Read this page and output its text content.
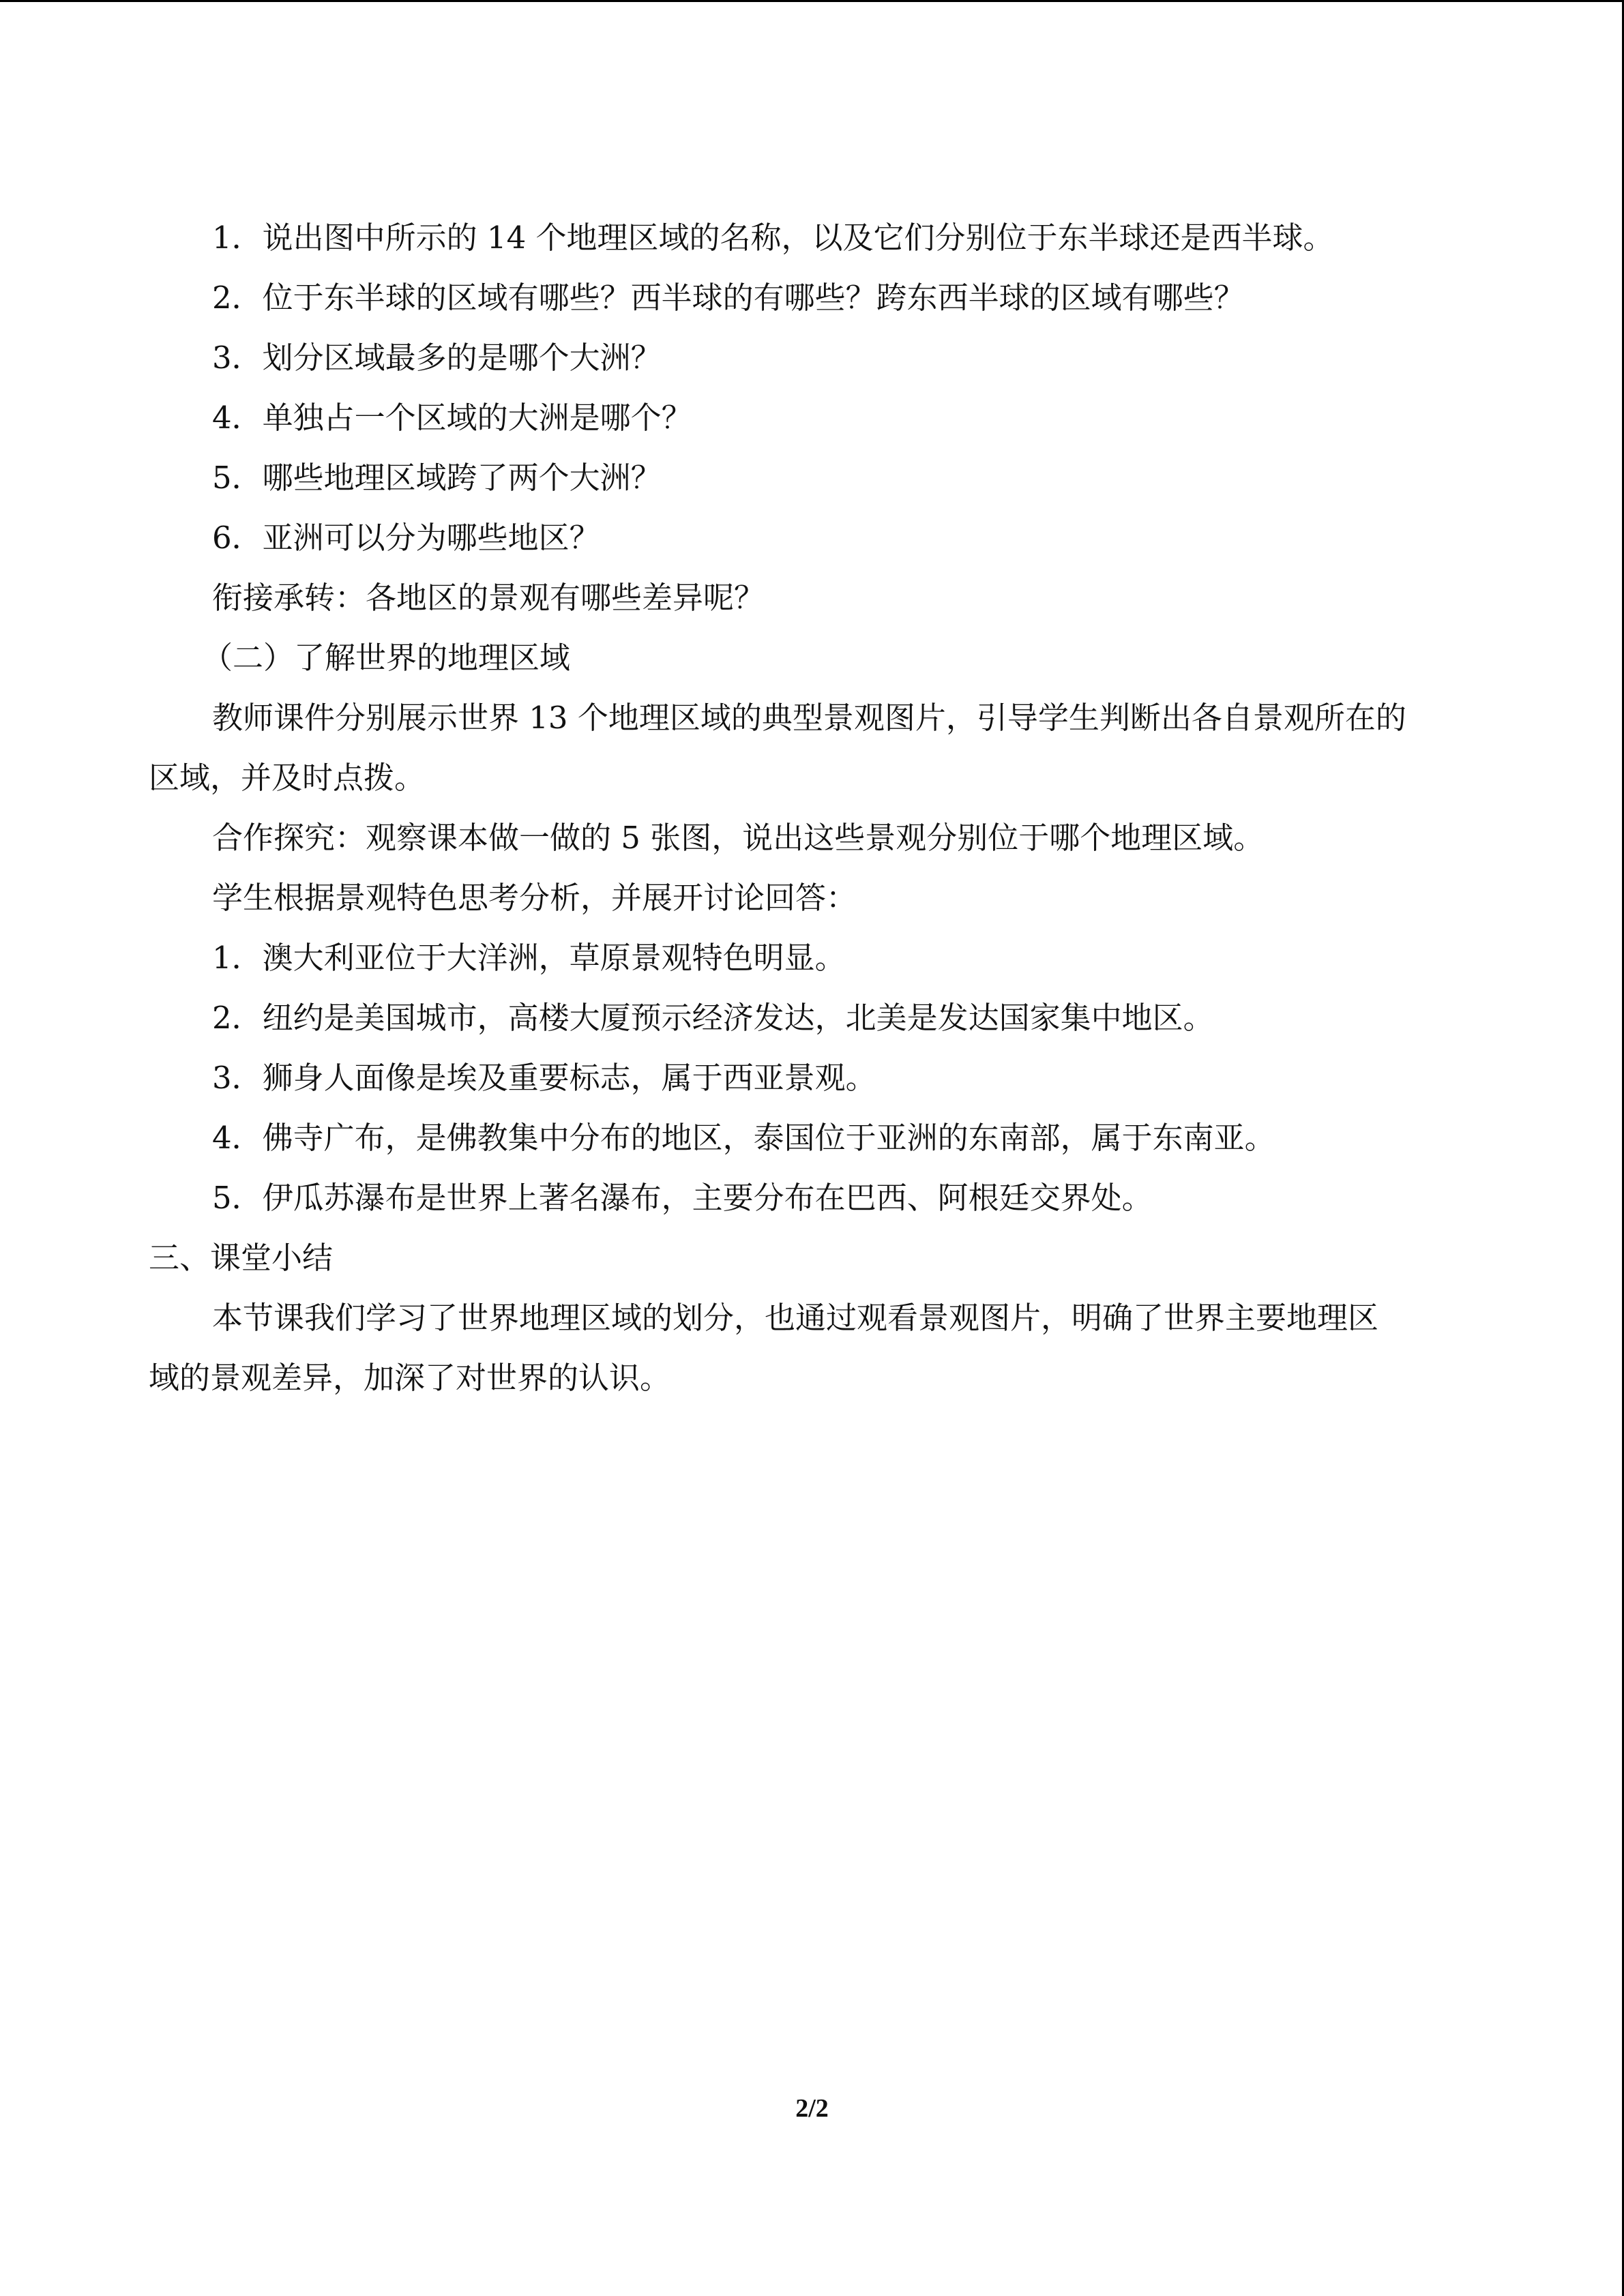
1．说出图中所示的 14 个地理区域的名称，以及它们分别位于东半球还是西半球。
2．位于东半球的区域有哪些？西半球的有哪些？跨东西半球的区域有哪些？
3．划分区域最多的是哪个大洲？
4．单独占一个区域的大洲是哪个？
5．哪些地理区域跨了两个大洲？
6．亚洲可以分为哪些地区？
衔接承转：各地区的景观有哪些差异呢？
（二）了解世界的地理区域
教师课件分别展示世界 13 个地理区域的典型景观图片，引导学生判断出各自景观所在的
区域，并及时点拨。
合作探究：观察课本做一做的 5 张图，说出这些景观分别位于哪个地理区域。
学生根据景观特色思考分析，并展开讨论回答：
1．澳大利亚位于大洋洲，草原景观特色明显。
2．纽约是美国城市，高楼大厦预示经济发达，北美是发达国家集中地区。
3．狮身人面像是埃及重要标志，属于西亚景观。
4．佛寺广布，是佛教集中分布的地区，泰国位于亚洲的东南部，属于东南亚。
5．伊瓜苏瀑布是世界上著名瀑布，主要分布在巴西、阿根廷交界处。
三、课堂小结
本节课我们学习了世界地理区域的划分，也通过观看景观图片，明确了世界主要地理区
域的景观差异，加深了对世界的认识。
2/2
